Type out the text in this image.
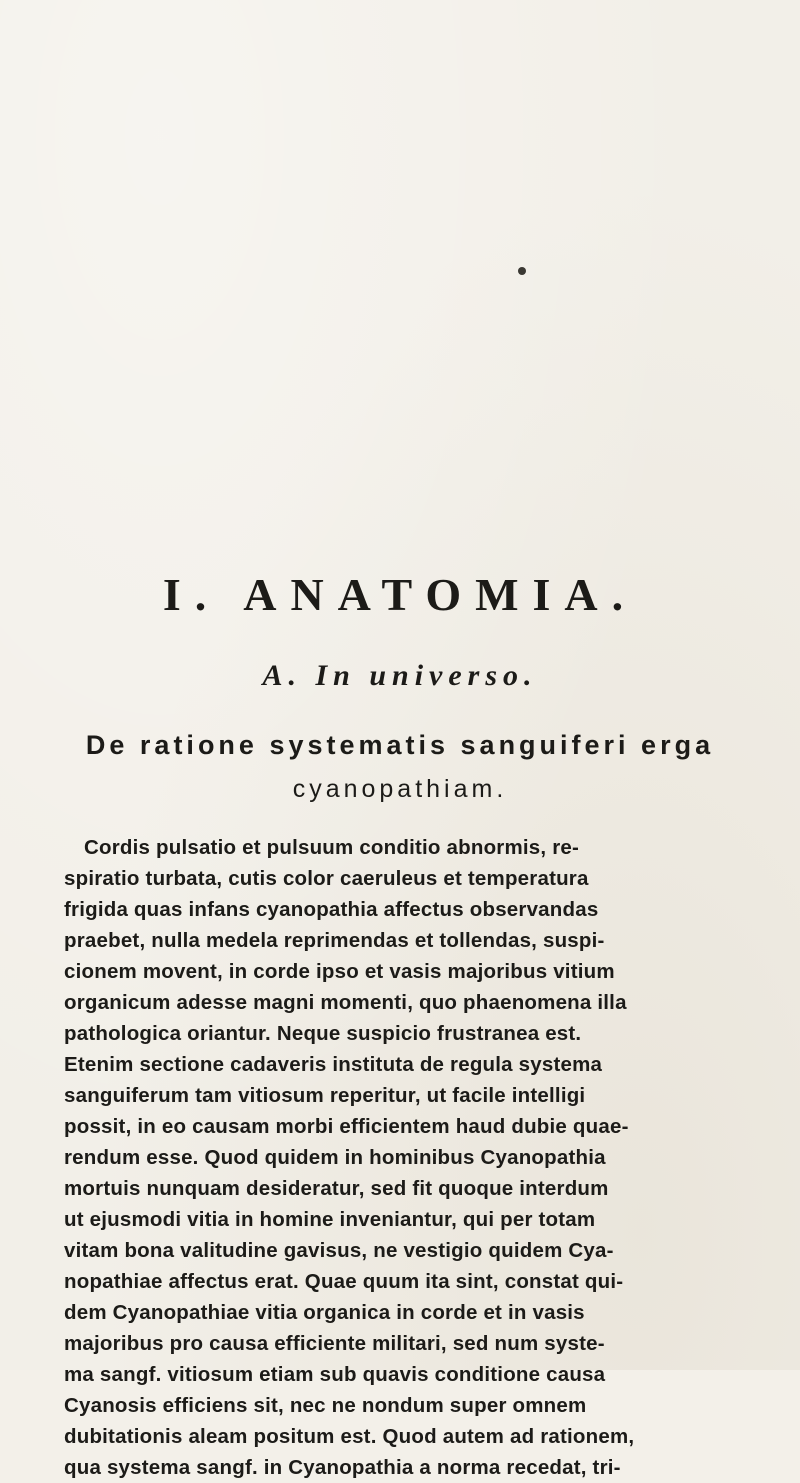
I. ANATOMIA.
A. In universo.
De ratione systematis sanguiferi erga
cyanopathiam.
Cordis pulsatio et pulsuum conditio abnormis, re-
spiratio turbata, cutis color caeruleus et temperatura
frigida quas infans cyanopathia affectus observandas
praebet, nulla medela reprimendas et tollendas, suspi-
cionem movent, in corde ipso et vasis majoribus vitium
organicum adesse magni momenti, quo phaenomena illa
pathologica oriantur. Neque suspicio frustranea est.
Etenim sectione cadaveris instituta de regula systema
sanguiferum tam vitiosum reperitur, ut facile intelligi
possit, in eo causam morbi efficientem haud dubie quae-
rendum esse. Quod quidem in hominibus Cyanopathia
mortuis nunquam desideratur, sed fit quoque interdum
ut ejusmodi vitia in homine inveniantur, qui per totam
vitam bona valitudine gavisus, ne vestigio quidem Cya-
nopathiae affectus erat. Quae quum ita sint, constat qui-
dem Cyanopathiae vitia organica in corde et in vasis
majoribus pro causa efficiente militari, sed num syste-
ma sangf. vitiosum etiam sub quavis conditione causa
Cyanosis efficiens sit, nec ne nondum super omnem
dubitationis aleam positum est. Quod autem ad rationem,
qua systema sangf. in Cyanopathia a norma recedat, tri-
